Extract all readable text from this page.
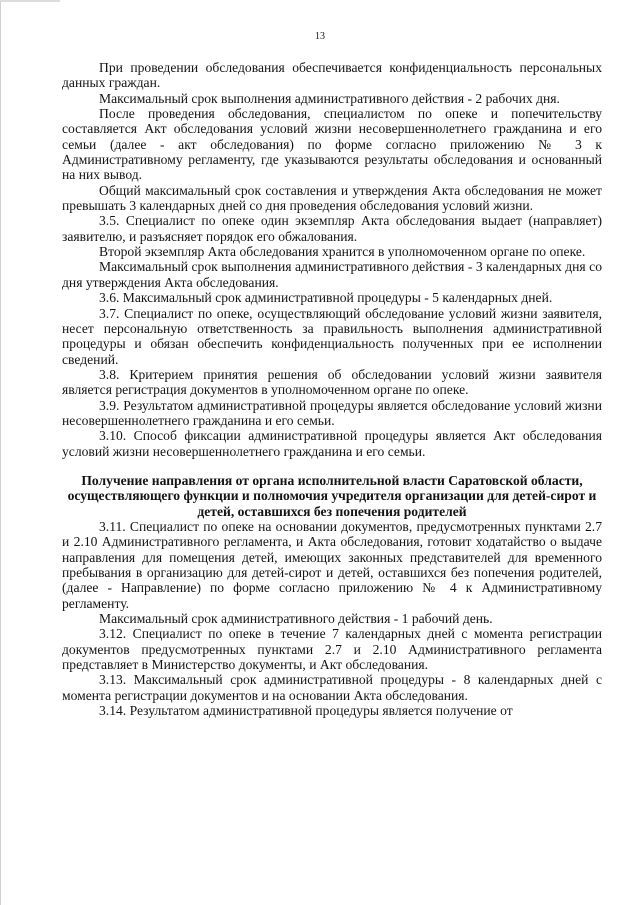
13

При проведении обследования обеспечивается конфиденциальность персональных данных граждан.

Максимальный срок выполнения административного действия - 2 рабочих дня.

После проведения обследования, специалистом по опеке и попечительству составляется Акт обследования условий жизни несовершеннолетнего гражданина и его семьи (далее - акт обследования) по форме согласно приложению № 3 к Административному регламенту, где указываются результаты обследования и основанный на них вывод.

Общий максимальный срок составления и утверждения Акта обследования не может превышать 3 календарных дней со дня проведения обследования условий жизни.

3.5. Специалист по опеке один экземпляр Акта обследования выдает (направляет) заявителю, и разъясняет порядок его обжалования.

Второй экземпляр Акта обследования хранится в уполномоченном органе по опеке.

Максимальный срок выполнения административного действия - 3 календарных дня со дня утверждения Акта обследования.

3.6. Максимальный срок административной процедуры - 5 календарных дней.

3.7. Специалист по опеке, осуществляющий обследование условий жизни заявителя, несет персональную ответственность за правильность выполнения административной процедуры и обязан обеспечить конфиденциальность полученных при ее исполнении сведений.

3.8. Критерием принятия решения об обследовании условий жизни заявителя является регистрация документов в уполномоченном органе по опеке.

3.9. Результатом административной процедуры является обследование условий жизни несовершеннолетнего гражданина и его семьи.

3.10. Способ фиксации административной процедуры является Акт обследования условий жизни несовершеннолетнего гражданина и его семьи.

Получение направления от органа исполнительной власти Саратовской области, осуществляющего функции и полномочия учредителя организации для детей-сирот и детей, оставшихся без попечения родителей

3.11. Специалист по опеке на основании документов, предусмотренных пунктами 2.7 и 2.10 Административного регламента, и Акта обследования, готовит ходатайство о выдаче направления для помещения детей, имеющих законных представителей для временного пребывания в организацию для детей-сирот и детей, оставшихся без попечения родителей, (далее - Направление) по форме согласно приложению № 4 к Административному регламенту.

Максимальный срок административного действия - 1 рабочий день.

3.12. Специалист по опеке в течение 7 календарных дней с момента регистрации документов предусмотренных пунктами 2.7 и 2.10 Административного регламента представляет в Министерство документы, и Акт обследования.

3.13. Максимальный срок административной процедуры - 8 календарных дней с момента регистрации документов и на основании Акта обследования.

3.14. Результатом административной процедуры является получение от
